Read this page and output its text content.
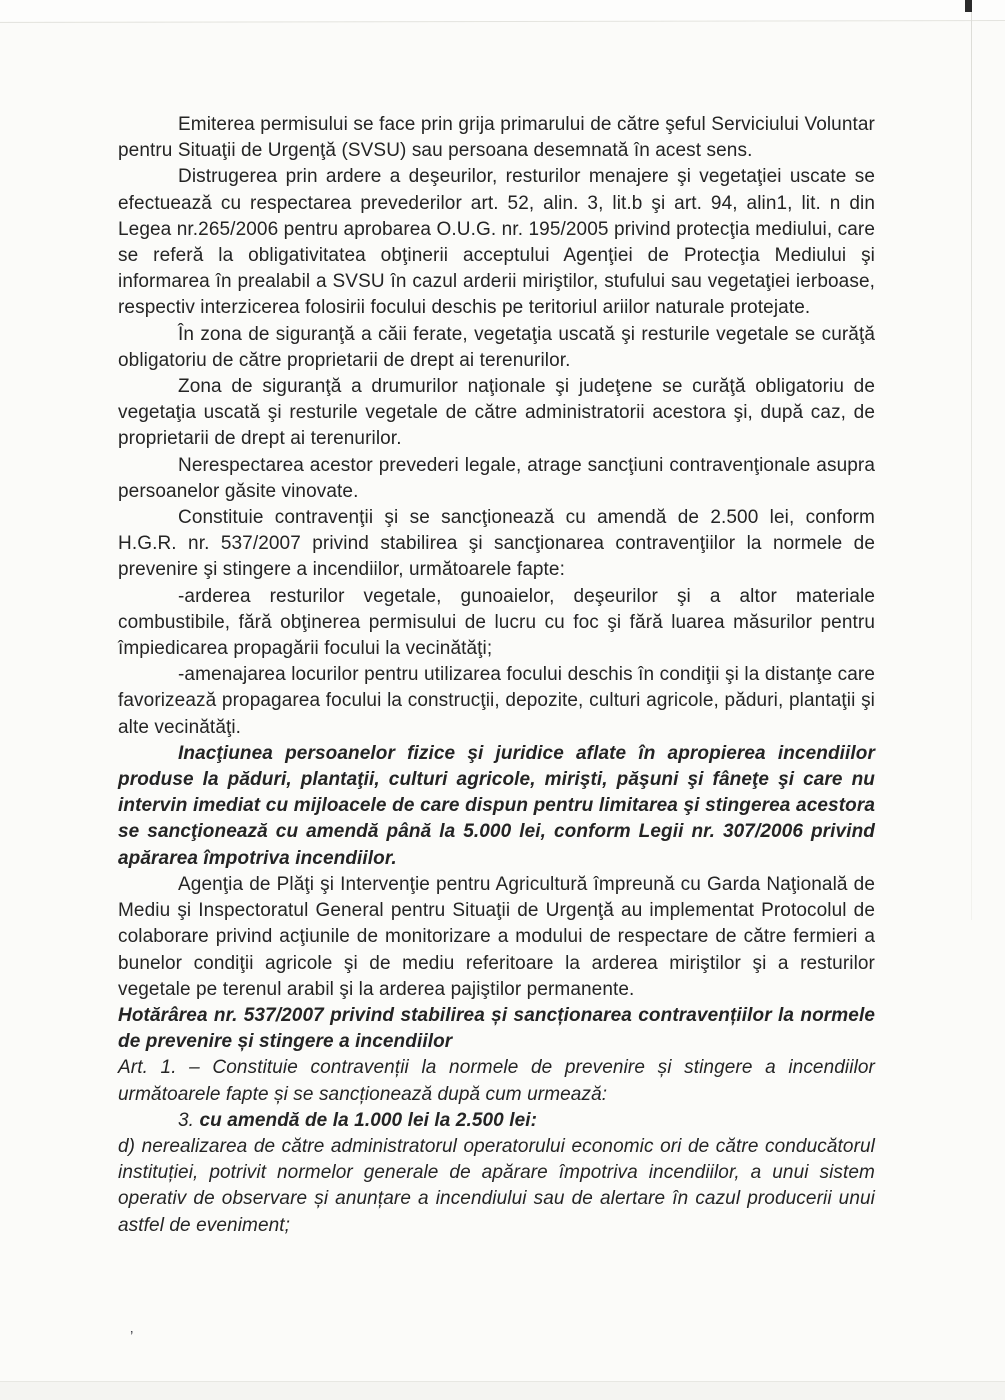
’

Emiterea permisului se face prin grija primarului de către şeful Serviciului Voluntar pentru Situaţii de Urgenţă (SVSU) sau persoana desemnată în acest sens.

Distrugerea prin ardere a deşeurilor, resturilor menajere şi vegetaţiei uscate se efectuează cu respectarea prevederilor art. 52, alin. 3, lit.b şi art. 94, alin1, lit. n din Legea nr.265/2006 pentru aprobarea O.U.G. nr. 195/2005 privind protecţia mediului, care se referă la obligativitatea obţinerii acceptului Agenţiei de Protecţia Mediului şi informarea în prealabil a SVSU în cazul arderii miriştilor, stufului sau vegetaţiei ierboase, respectiv interzicerea folosirii focului deschis pe teritoriul ariilor naturale protejate.

În zona de siguranţă a căii ferate, vegetaţia uscată şi resturile vegetale se curăţă obligatoriu de către proprietarii de drept ai terenurilor.

Zona de siguranţă a drumurilor naţionale şi judeţene se curăţă obligatoriu de vegetaţia uscată şi resturile vegetale de către administratorii acestora şi, după caz, de proprietarii de drept ai terenurilor.

Nerespectarea acestor prevederi legale, atrage sancţiuni contravenţionale asupra persoanelor găsite vinovate.

Constituie contravenţii şi se sancţionează cu amendă de 2.500 lei, conform H.G.R. nr. 537/2007 privind stabilirea şi sancţionarea contravenţiilor la normele de prevenire şi stingere a incendiilor, următoarele fapte:

-arderea resturilor vegetale, gunoaielor, deşeurilor şi a altor materiale combustibile, fără obţinerea permisului de lucru cu foc şi fără luarea măsurilor pentru împiedicarea propagării focului la vecinătăţi;

-amenajarea locurilor pentru utilizarea focului deschis în condiţii şi la distanţe care favorizează propagarea focului la construcţii, depozite, culturi agricole, păduri, plantaţii şi alte vecinătăţi.

Inacţiunea persoanelor fizice şi juridice aflate în apropierea incendiilor produse la păduri, plantaţii, culturi agricole, mirişti, păşuni şi fâneţe şi care nu intervin imediat cu mijloacele de care dispun pentru limitarea şi stingerea acestora se sancţionează cu amendă până la 5.000 lei, conform Legii nr. 307/2006 privind apărarea împotriva incendiilor.

Agenţia de Plăţi şi Intervenţie pentru Agricultură împreună cu Garda Naţională de Mediu şi Inspectoratul General pentru Situaţii de Urgenţă au implementat Protocolul de colaborare privind acţiunile de monitorizare a modului de respectare de către fermieri a bunelor condiţii agricole şi de mediu referitoare la arderea miriştilor şi a resturilor vegetale pe terenul arabil şi la arderea pajiştilor permanente.

Hotărârea nr. 537/2007 privind stabilirea și sancționarea contravențiilor la normele de prevenire și stingere a incendiilor

Art. 1. – Constituie contravenții la normele de prevenire și stingere a incendiilor următoarele fapte și se sancționează după cum urmează:

3. cu amendă de la 1.000 lei la 2.500 lei:

d) nerealizarea de către administratorul operatorului economic ori de către conducătorul instituției, potrivit normelor generale de apărare împotriva incendiilor, a unui sistem operativ de observare și anunțare a incendiului sau de alertare în cazul producerii unui astfel de eveniment;
